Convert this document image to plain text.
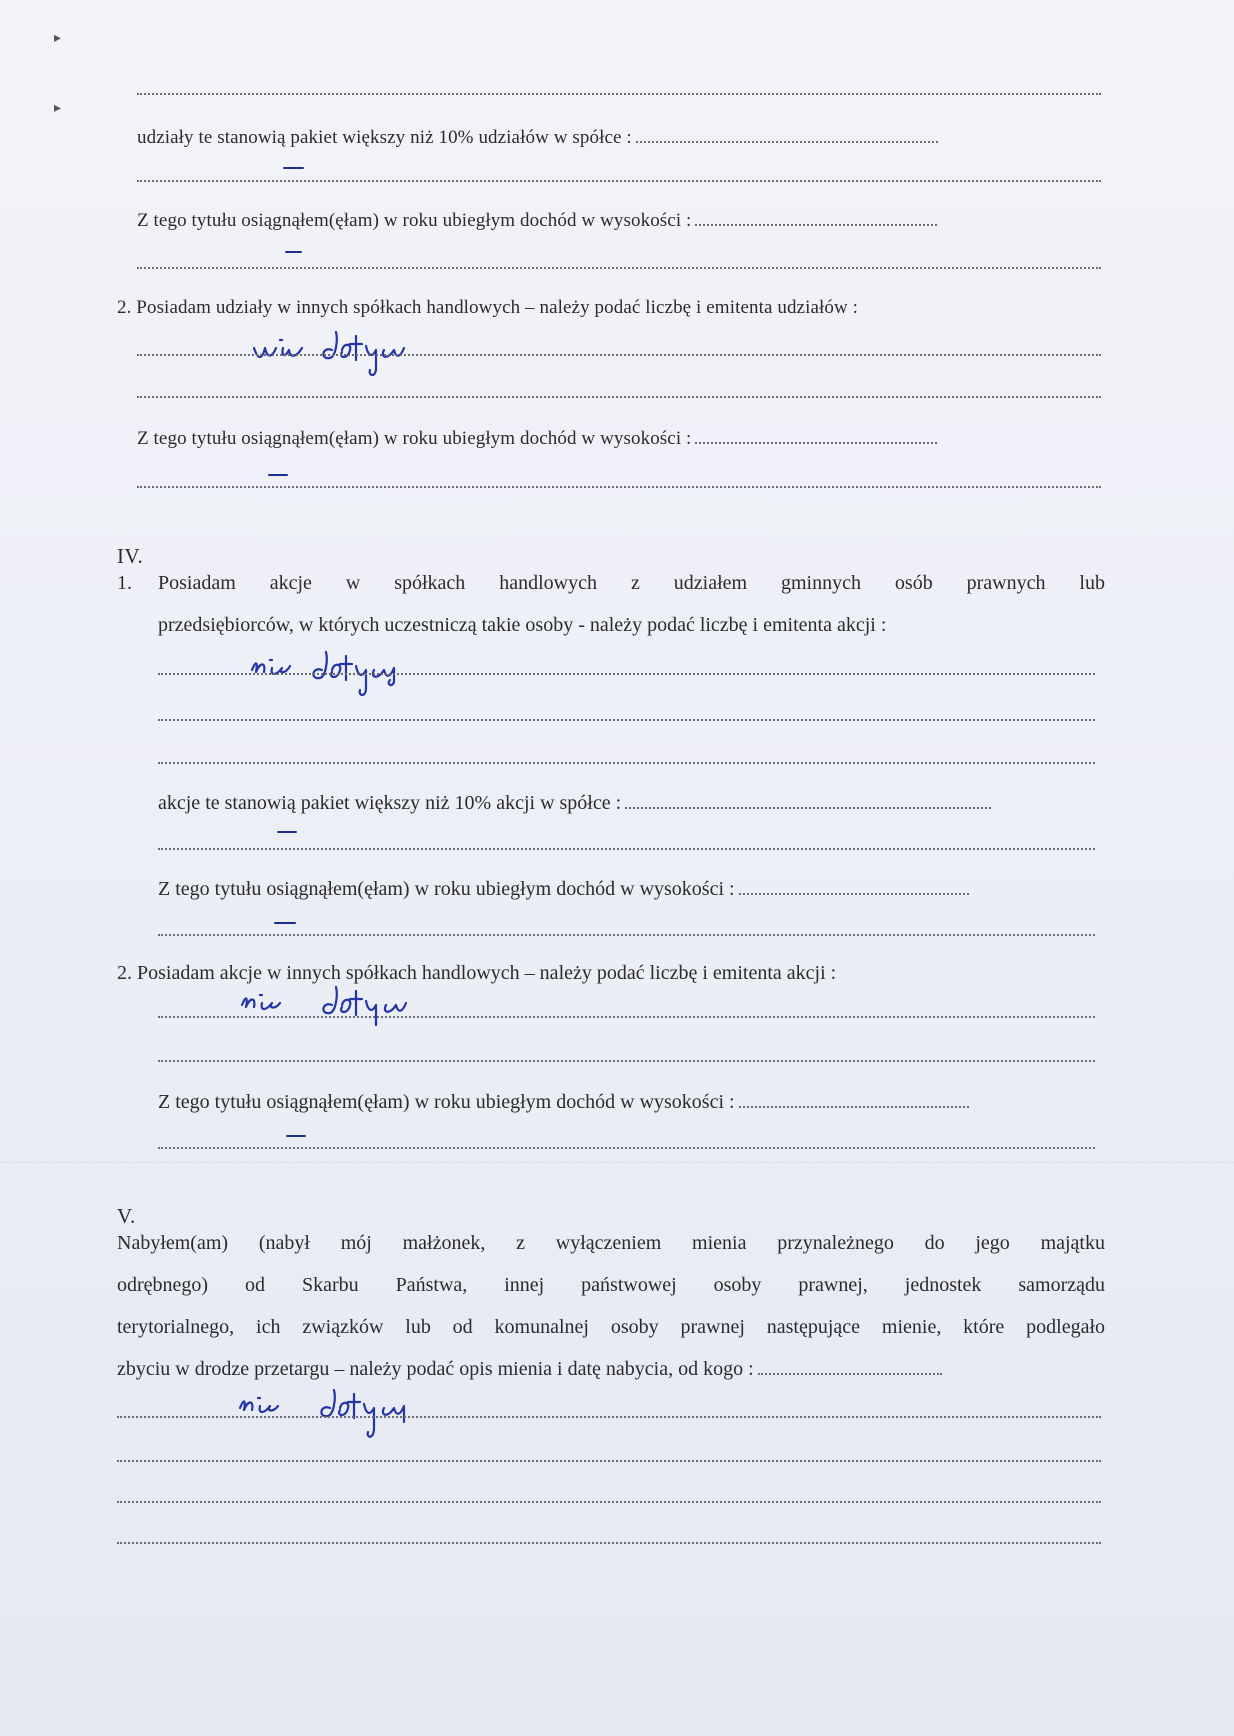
▸
▸
udziały te stanowią pakiet większy niż 10% udziałów w spółce :
Z tego tytułu osiągnąłem(ęłam) w roku ubiegłym dochód w wysokości :
2. Posiadam udziały w innych spółkach handlowych – należy podać liczbę i emitenta udziałów :
Z tego tytułu osiągnąłem(ęłam) w roku ubiegłym dochód w wysokości :
IV.
1. Posiadam akcje w spółkach handlowych z udziałem gminnych osób prawnych lub
przedsiębiorców, w których uczestniczą takie osoby - należy podać liczbę i emitenta akcji :
akcje te stanowią pakiet większy niż 10% akcji w spółce :
Z tego tytułu osiągnąłem(ęłam) w roku ubiegłym dochód w wysokości :
2. Posiadam akcje w innych spółkach handlowych – należy podać liczbę i emitenta akcji :
Z tego tytułu osiągnąłem(ęłam) w roku ubiegłym dochód w wysokości :
V.
Nabyłem(am) (nabył mój małżonek, z wyłączeniem mienia przynależnego do jego majątku
odrębnego) od Skarbu Państwa, innej państwowej osoby prawnej, jednostek samorządu
terytorialnego, ich związków lub od komunalnej osoby prawnej następujące mienie, które podlegało
zbyciu w drodze przetargu – należy podać opis mienia i datę nabycia, od kogo :
